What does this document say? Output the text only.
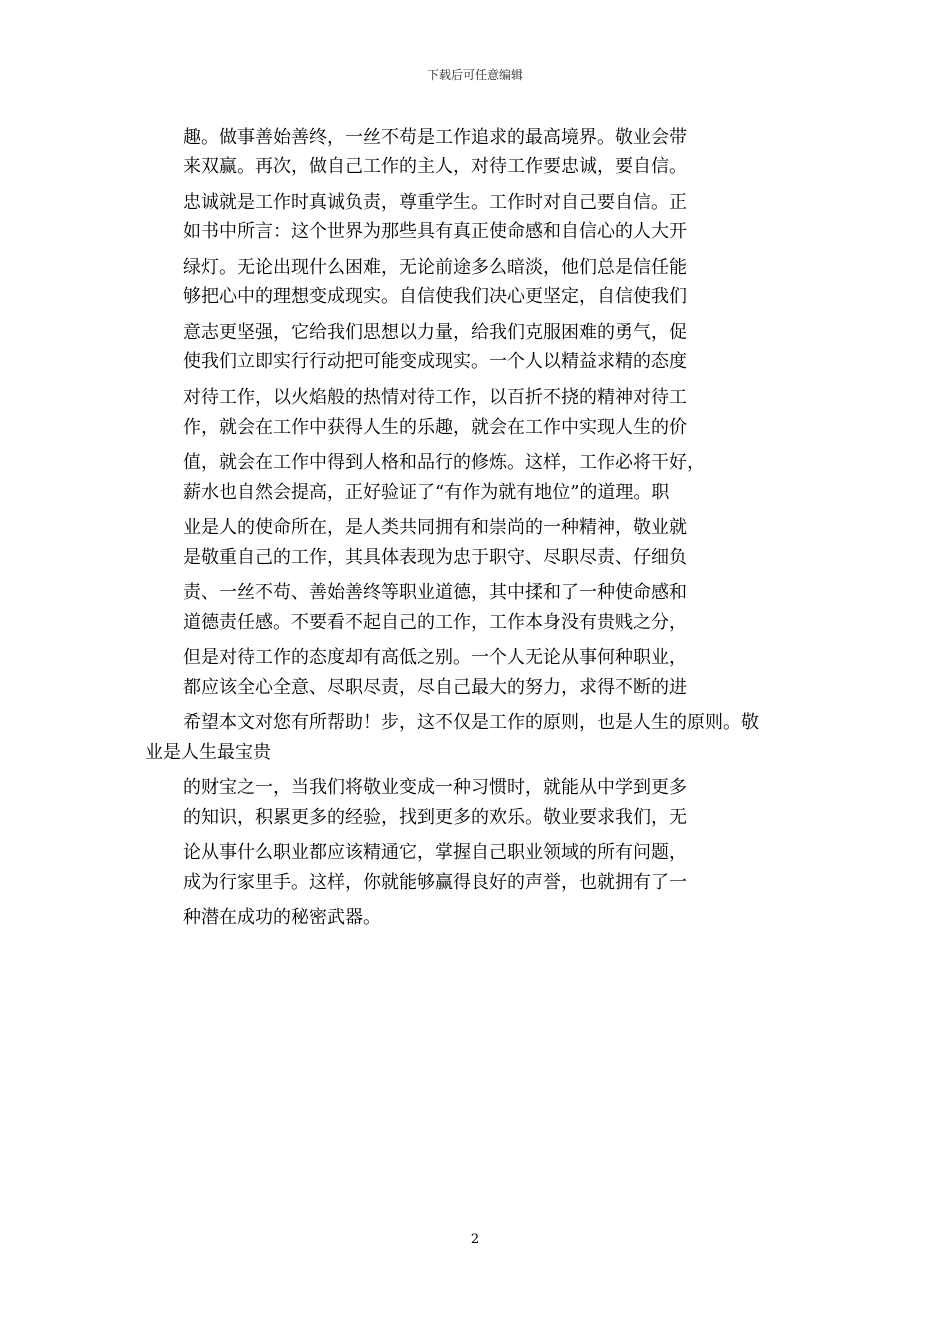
下载后可任意编辑
趣。做事善始善终，一丝不苟是工作追求的最高境界。敬业会带
来双赢。再次，做自己工作的主人，对待工作要忠诚，要自信。
忠诚就是工作时真诚负责，尊重学生。工作时对自己要自信。正
如书中所言：这个世界为那些具有真正使命感和自信心的人大开
绿灯。无论出现什么困难，无论前途多么暗淡，他们总是信任能
够把心中的理想变成现实。自信使我们决心更坚定，自信使我们
意志更坚强，它给我们思想以力量，给我们克服困难的勇气，促
使我们立即实行行动把可能变成现实。一个人以精益求精的态度
对待工作，以火焰般的热情对待工作，以百折不挠的精神对待工
作，就会在工作中获得人生的乐趣，就会在工作中实现人生的价
值，就会在工作中得到人格和品行的修炼。这样，工作必将干好，
薪水也自然会提高，正好验证了“有作为就有地位”的道理。职
业是人的使命所在，是人类共同拥有和崇尚的一种精神，敬业就
是敬重自己的工作，其具体表现为忠于职守、尽职尽责、仔细负
责、一丝不苟、善始善终等职业道德，其中揉和了一种使命感和
道德责任感。不要看不起自己的工作，工作本身没有贵贱之分，
但是对待工作的态度却有高低之别。一个人无论从事何种职业，
都应该全心全意、尽职尽责，尽自己最大的努力，求得不断的进
希望本文对您有所帮助！步，这不仅是工作的原则，也是人生的原则。敬
业是人生最宝贵
的财宝之一，当我们将敬业变成一种习惯时，就能从中学到更多
的知识，积累更多的经验，找到更多的欢乐。敬业要求我们，无
论从事什么职业都应该精通它，掌握自己职业领域的所有问题，
成为行家里手。这样，你就能够赢得良好的声誉，也就拥有了一
种潜在成功的秘密武器。
2
